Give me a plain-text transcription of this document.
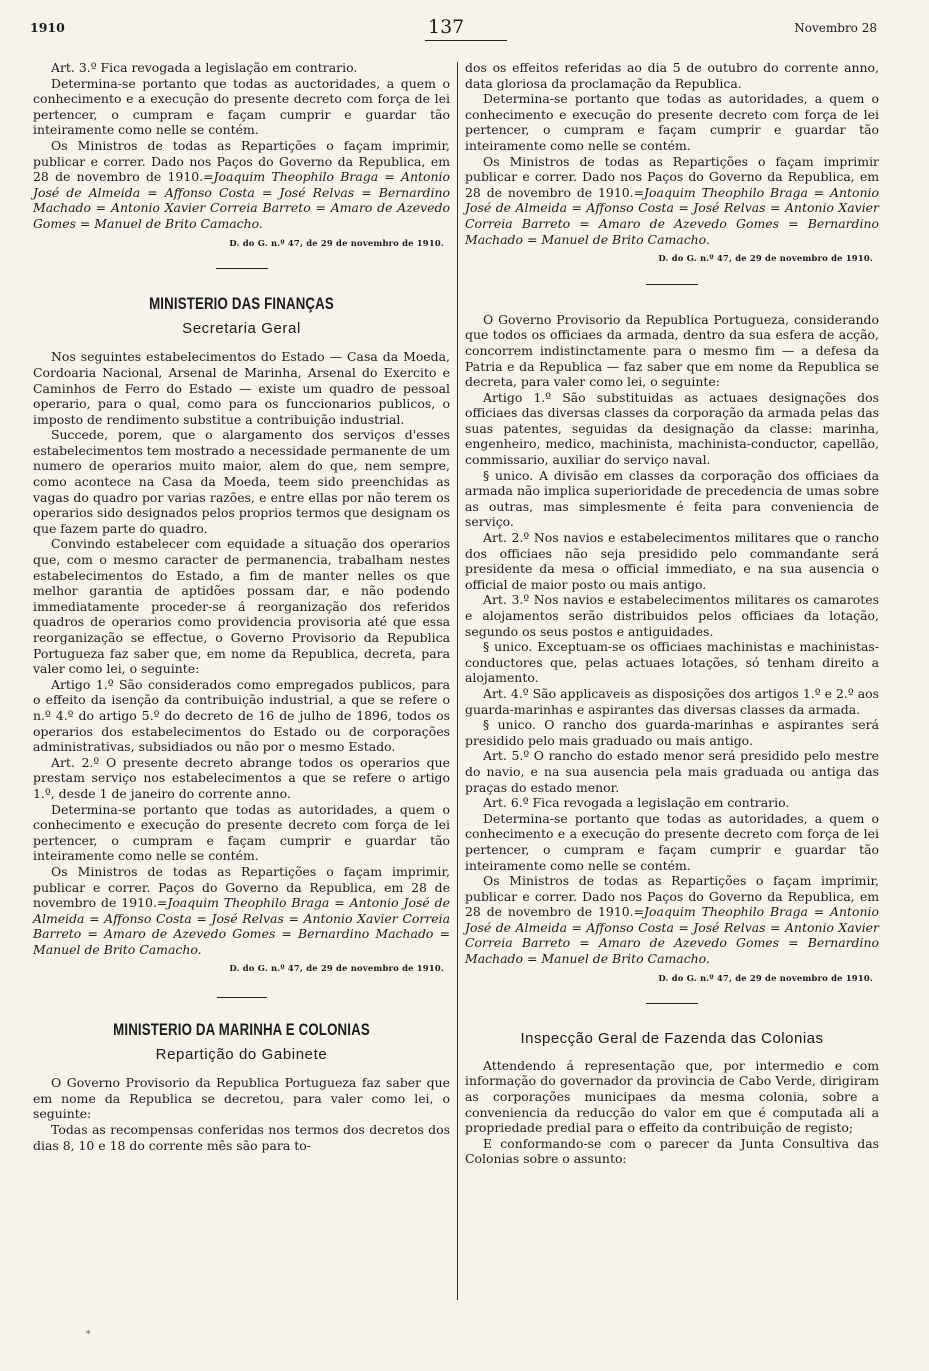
1910	137	Novembro 28

Art. 3.º Fica revogada a legislação em contrario.

Determina-se portanto que todas as auctoridades, a quem o conhecimento e a execução do presente decreto com força de lei pertencer, o cumpram e façam cumprir e guardar tão inteiramente como nelle se contém.

Os Ministros de todas as Repartições o façam imprimir, publicar e correr. Dado nos Paços do Governo da Republica, em 28 de novembro de 1910.=Joaquim Theophilo Braga = Antonio José de Almeida = Affonso Costa = José Relvas = Bernardino Machado = Antonio Xavier Correia Barreto = Amaro de Azevedo Gomes = Manuel de Brito Camacho.

D. do G. n.º 47, de 29 de novembro de 1910.
MINISTERIO DAS FINANÇAS
Secretaria Geral

Nos seguintes estabelecimentos do Estado — Casa da Moeda, Cordoaria Nacional, Arsenal de Marinha, Arsenal do Exercito e Caminhos de Ferro do Estado — existe um quadro de pessoal operario, para o qual, como para os funccionarios publicos, o imposto de rendimento substitue a contribuição industrial.

Succede, porem, que o alargamento dos serviços d'esses estabelecimentos tem mostrado a necessidade permanente de um numero de operarios muito maior, alem do que, nem sempre, como acontece na Casa da Moeda, teem sido preenchidas as vagas do quadro por varias razões, e entre ellas por não terem os operarios sido designados pelos proprios termos que designam os que fazem parte do quadro.

Convindo estabelecer com equidade a situação dos operarios que, com o mesmo caracter de permanencia, trabalham nestes estabelecimentos do Estado, a fim de manter nelles os que melhor garantia de aptidões possam dar, e não podendo immediatamente proceder-se á reorganização dos referidos quadros de operarios como providencia provisoria até que essa reorganização se effectue, o Governo Provisorio da Republica Portugueza faz saber que, em nome da Republica, decreta, para valer como lei, o seguinte:

Artigo 1.º São considerados como empregados publicos, para o effeito da isenção da contribuição industrial, a que se refere o n.º 4.º do artigo 5.º do decreto de 16 de julho de 1896, todos os operarios dos estabelecimentos do Estado ou de corporações administrativas, subsidiados ou não por o mesmo Estado.

Art. 2.º O presente decreto abrange todos os operarios que prestam serviço nos estabelecimentos a que se refere o artigo 1.º, desde 1 de janeiro do corrente anno.

Determina-se portanto que todas as autoridades, a quem o conhecimento e execução do presente decreto com força de lei pertencer, o cumpram e façam cumprir e guardar tão inteiramente como nelle se contém.

Os Ministros de todas as Repartições o façam imprimir, publicar e correr. Paços do Governo da Republica, em 28 de novembro de 1910.=Joaquim Theophilo Braga = Antonio José de Almeida = Affonso Costa = José Relvas = Antonio Xavier Correia Barreto = Amaro de Azevedo Gomes = Bernardino Machado = Manuel de Brito Camacho.

D. do G. n.º 47, de 29 de novembro de 1910.
MINISTERIO DA MARINHA E COLONIAS
Repartição do Gabinete

O Governo Provisorio da Republica Portugueza faz saber que em nome da Republica se decretou, para valer como lei, o seguinte:

Todas as recompensas conferidas nos termos dos decretos dos dias 8, 10 e 18 do corrente mês são para to-

dos os effeitos referidas ao dia 5 de outubro do corrente anno, data gloriosa da proclamação da Republica.

Determina-se portanto que todas as autoridades, a quem o conhecimento e execução do presente decreto com força de lei pertencer, o cumpram e façam cumprir e guardar tão inteiramente como nelle se contém.

Os Ministros de todas as Repartições o façam imprimir publicar e correr. Dado nos Paços do Governo da Republica, em 28 de novembro de 1910.=Joaquim Theophilo Braga = Antonio José de Almeida = Affonso Costa = José Relvas = Antonio Xavier Correia Barreto = Amaro de Azevedo Gomes = Bernardino Machado = Manuel de Brito Camacho.

D. do G. n.º 47, de 29 de novembro de 1910.

O Governo Provisorio da Republica Portugueza, considerando que todos os officiaes da armada, dentro da sua esfera de acção, concorrem indistinctamente para o mesmo fim — a defesa da Patria e da Republica — faz saber que em nome da Republica se decreta, para valer como lei, o seguinte:

Artigo 1.º São substituidas as actuaes designações dos officiaes das diversas classes da corporação da armada pelas das suas patentes, seguidas da designação da classe: marinha, engenheiro, medico, machinista, machinista-conductor, capellão, commissario, auxiliar do serviço naval.

§ unico. A divisão em classes da corporação dos officiaes da armada não implica superioridade de precedencia de umas sobre as outras, mas simplesmente é feita para conveniencia de serviço.

Art. 2.º Nos navios e estabelecimentos militares que o rancho dos officiaes não seja presidido pelo commandante será presidente da mesa o official immediato, e na sua ausencia o official de maior posto ou mais antigo.

Art. 3.º Nos navios e estabelecimentos militares os camarotes e alojamentos serão distribuidos pelos officiaes da lotação, segundo os seus postos e antiguidades.

§ unico. Exceptuam-se os officiaes machinistas e machinistas-conductores que, pelas actuaes lotações, só tenham direito a alojamento.

Art. 4.º São applicaveis as disposições dos artigos 1.º e 2.º aos guarda-marinhas e aspirantes das diversas classes da armada.

§ unico. O rancho dos guarda-marinhas e aspirantes será presidido pelo mais graduado ou mais antigo.

Art. 5.º O rancho do estado menor será presidido pelo mestre do navio, e na sua ausencia pela mais graduada ou antiga das praças do estado menor.

Art. 6.º Fica revogada a legislação em contrario.

Determina-se portanto que todas as autoridades, a quem o conhecimento e a execução do presente decreto com força de lei pertencer, o cumpram e façam cumprir e guardar tão inteiramente como nelle se contém.

Os Ministros de todas as Repartições o façam imprimir, publicar e correr. Dado nos Paços do Governo da Republica, em 28 de novembro de 1910.=Joaquim Theophilo Braga = Antonio José de Almeida = Affonso Costa = José Relvas = Antonio Xavier Correia Barreto = Amaro de Azevedo Gomes = Bernardino Machado = Manuel de Brito Camacho.

D. do G. n.º 47, de 29 de novembro de 1910.
Inspecção Geral de Fazenda das Colonias

Attendendo á representação que, por intermedio e com informação do governador da provincia de Cabo Verde, dirigiram as corporações municipaes da mesma colonia, sobre a conveniencia da reducção do valor em que é computada ali a propriedade predial para o effeito da contribuição de registo;

E conformando-se com o parecer da Junta Consultiva das Colonias sobre o assunto:

*
